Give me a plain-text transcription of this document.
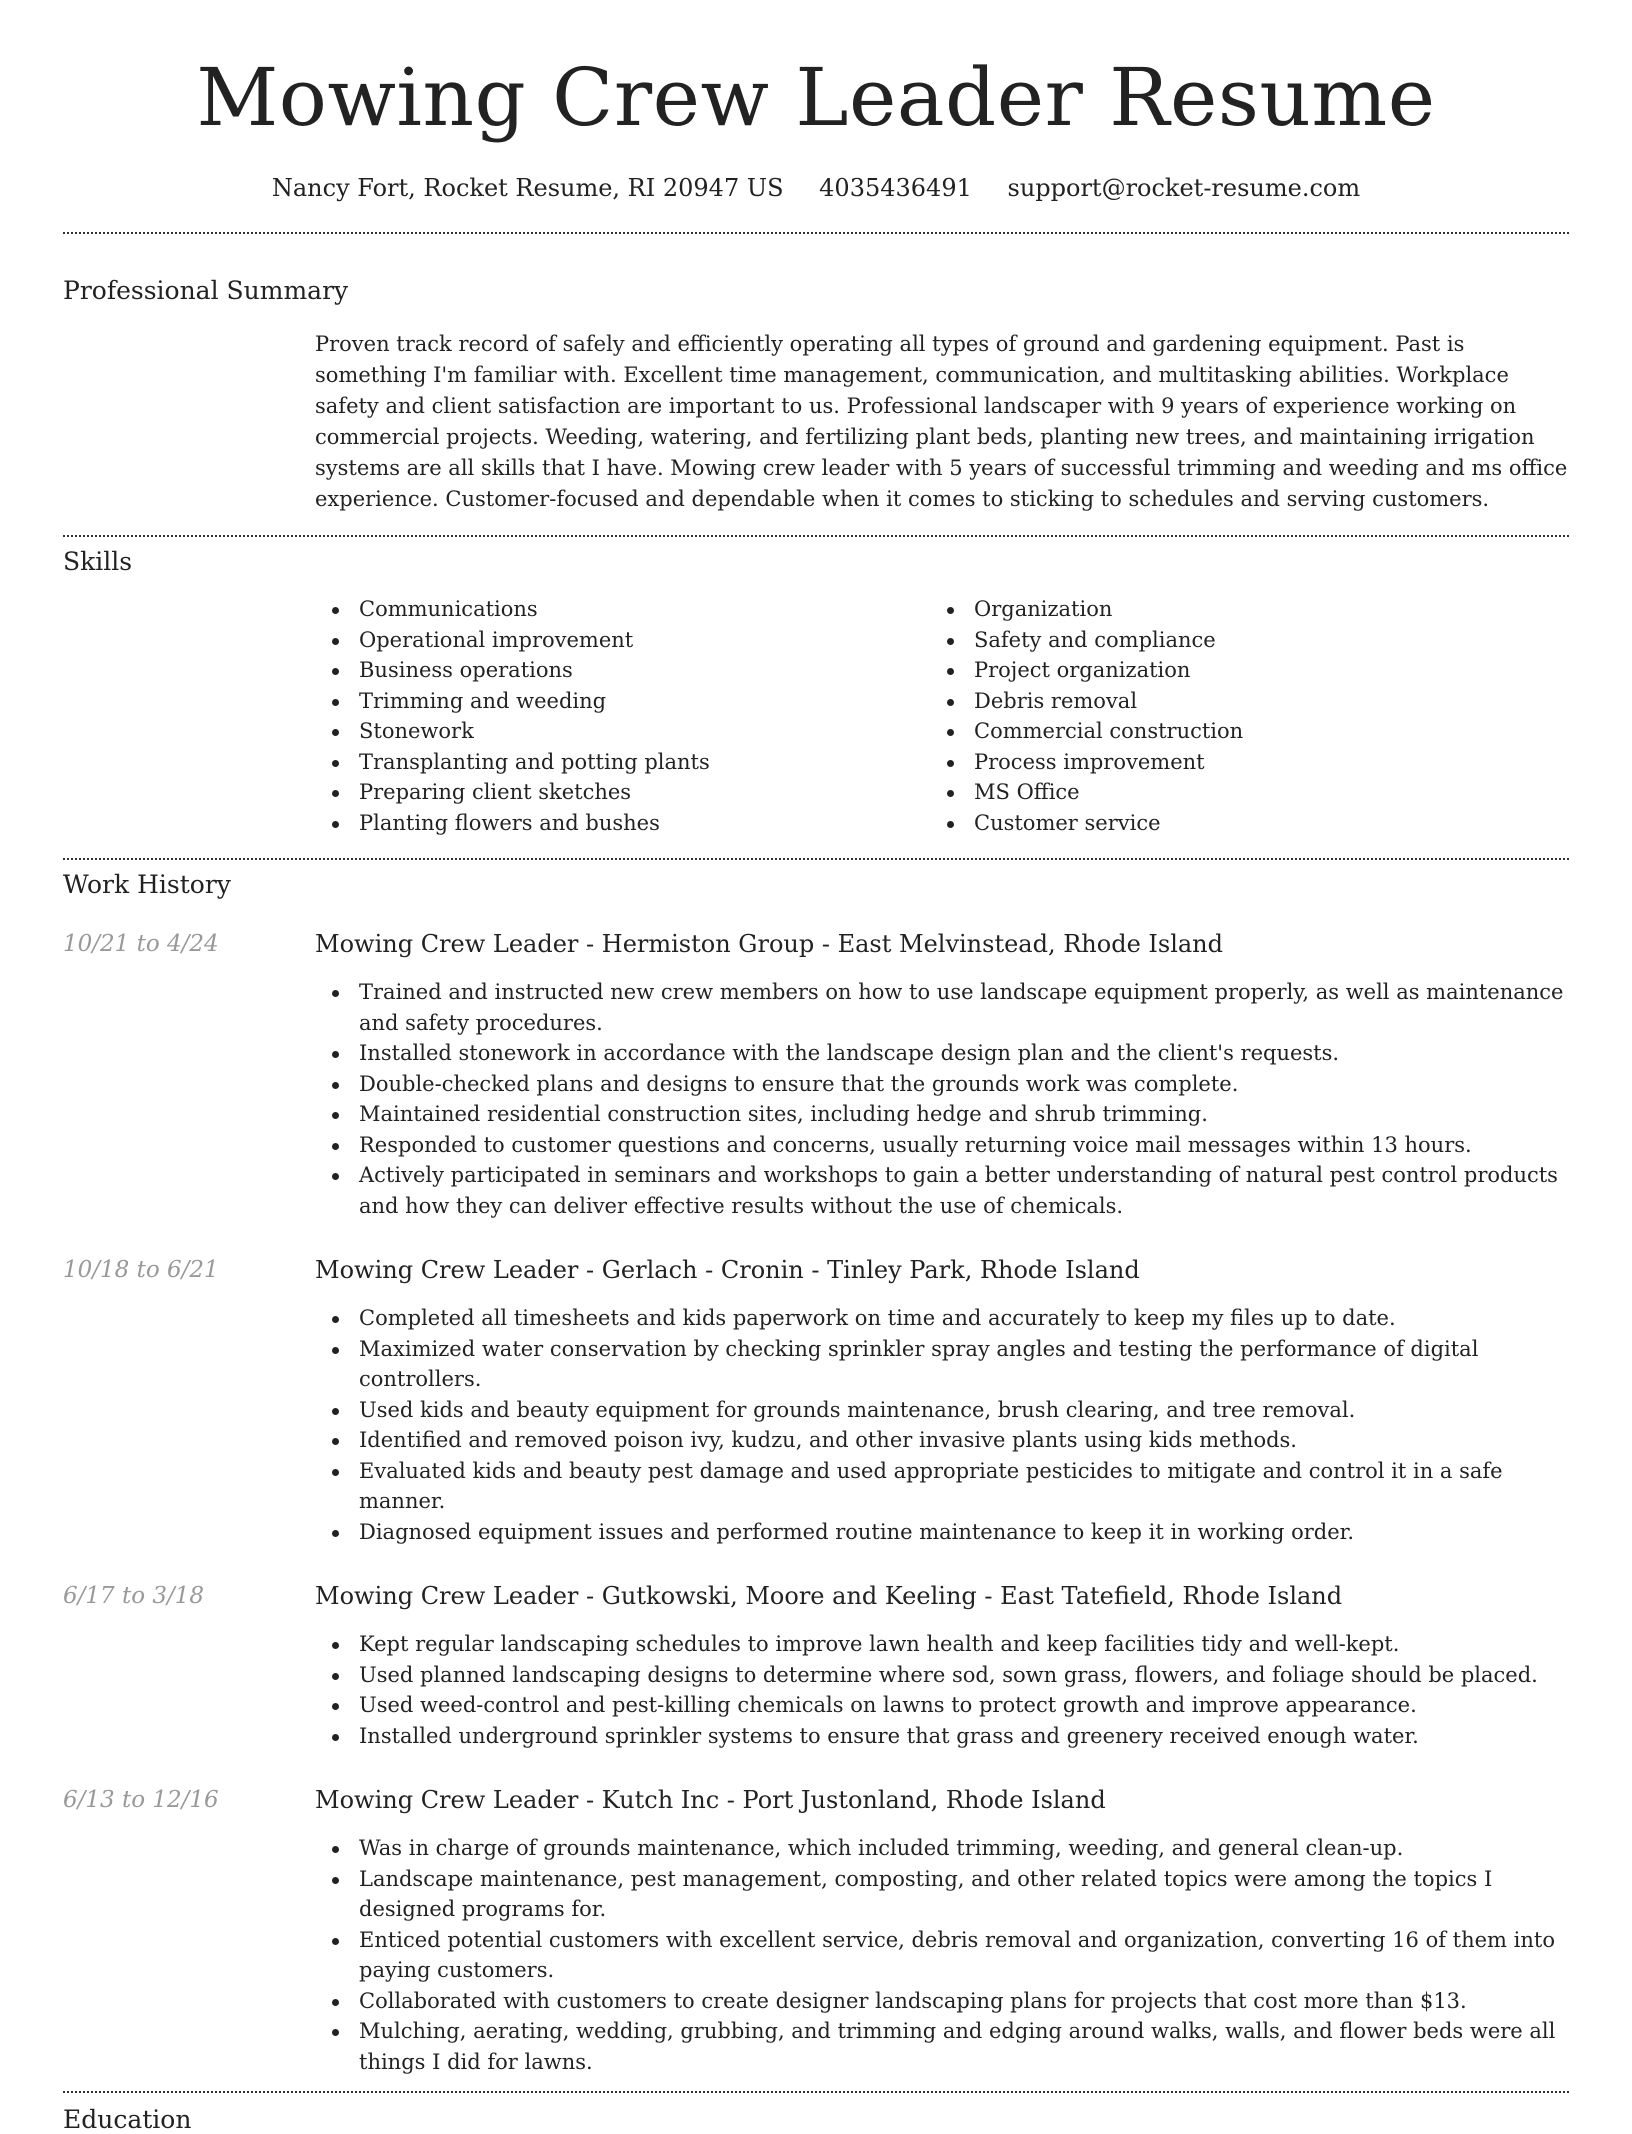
Mowing Crew Leader Resume
Nancy Fort, Rocket Resume, RI 20947 US 4035436491 support@rocket-resume.com
Professional Summary

Proven track record of safely and efficiently operating all types of ground and gardening equipment. Past is something I'm familiar with. Excellent time management, communication, and multitasking abilities. Workplace safety and client satisfaction are important to us. Professional landscaper with 9 years of experience working on commercial projects. Weeding, watering, and fertilizing plant beds, planting new trees, and maintaining irrigation systems are all skills that I have. Mowing crew leader with 5 years of successful trimming and weeding and ms office experience. Customer-focused and dependable when it comes to sticking to schedules and serving customers.

Skills
Communications
Operational improvement
Business operations
Trimming and weeding
Stonework
Transplanting and potting plants
Preparing client sketches
Planting flowers and bushes
Organization
Safety and compliance
Project organization
Debris removal
Commercial construction
Process improvement
MS Office
Customer service
Work History
10/21 to 4/24	Mowing Crew Leader - Hermiston Group - East Melvinstead, Rhode Island
Trained and instructed new crew members on how to use landscape equipment properly, as well as maintenance and safety procedures.
Installed stonework in accordance with the landscape design plan and the client's requests.
Double-checked plans and designs to ensure that the grounds work was complete.
Maintained residential construction sites, including hedge and shrub trimming.
Responded to customer questions and concerns, usually returning voice mail messages within 13 hours.
Actively participated in seminars and workshops to gain a better understanding of natural pest control products and how they can deliver effective results without the use of chemicals.
10/18 to 6/21	Mowing Crew Leader - Gerlach - Cronin - Tinley Park, Rhode Island
Completed all timesheets and kids paperwork on time and accurately to keep my files up to date.
Maximized water conservation by checking sprinkler spray angles and testing the performance of digital controllers.
Used kids and beauty equipment for grounds maintenance, brush clearing, and tree removal.
Identified and removed poison ivy, kudzu, and other invasive plants using kids methods.
Evaluated kids and beauty pest damage and used appropriate pesticides to mitigate and control it in a safe manner.
Diagnosed equipment issues and performed routine maintenance to keep it in working order.
6/17 to 3/18	Mowing Crew Leader - Gutkowski, Moore and Keeling - East Tatefield, Rhode Island
Kept regular landscaping schedules to improve lawn health and keep facilities tidy and well-kept.
Used planned landscaping designs to determine where sod, sown grass, flowers, and foliage should be placed.
Used weed-control and pest-killing chemicals on lawns to protect growth and improve appearance.
Installed underground sprinkler systems to ensure that grass and greenery received enough water.
6/13 to 12/16	Mowing Crew Leader - Kutch Inc - Port Justonland, Rhode Island
Was in charge of grounds maintenance, which included trimming, weeding, and general clean-up.
Landscape maintenance, pest management, composting, and other related topics were among the topics I designed programs for.
Enticed potential customers with excellent service, debris removal and organization, converting 16 of them into paying customers.
Collaborated with customers to create designer landscaping plans for projects that cost more than $13.
Mulching, aerating, wedding, grubbing, and trimming and edging around walks, walls, and flower beds were all things I did for lawns.
Education
